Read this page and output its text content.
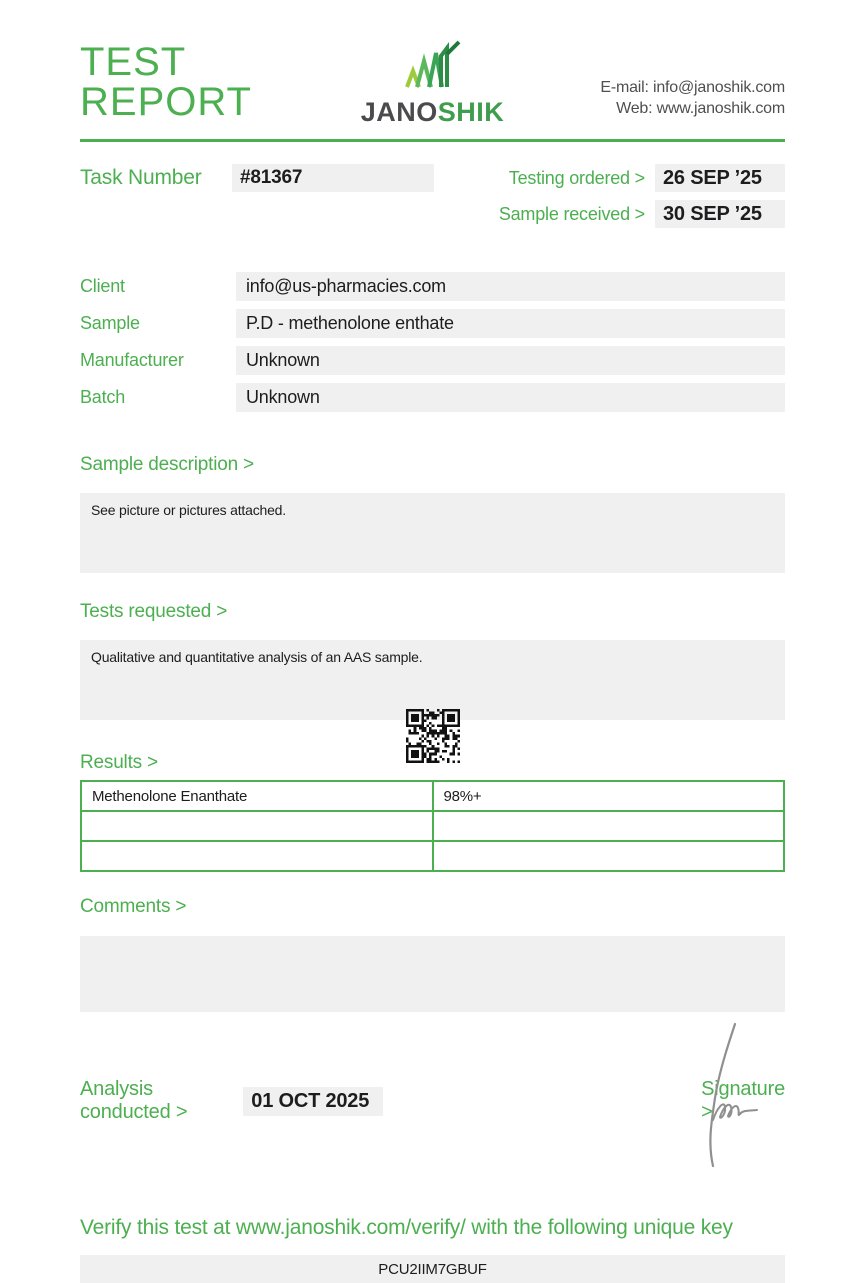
TEST REPORT	JANOSHIK
E-mail: info@janoshik.com
Web: www.janoshik.com
Task Number	#81367	Testing ordered > 26 SEP ’25
Sample received > 30 SEP ’25
Client	info@us-pharmacies.com
Sample	P.D - methenolone enthate
Manufacturer	Unknown
Batch	Unknown
Sample description >
See picture or pictures attached.
Tests requested >
Qualitative and quantitative analysis of an AAS sample.
Results >
Methenolone Enanthate	98%+

Comments >
Analysis conducted >
01 OCT 2025
Signature >
Verify this test at www.janoshik.com/verify/ with the following unique key
PCU2IIM7GBUF
